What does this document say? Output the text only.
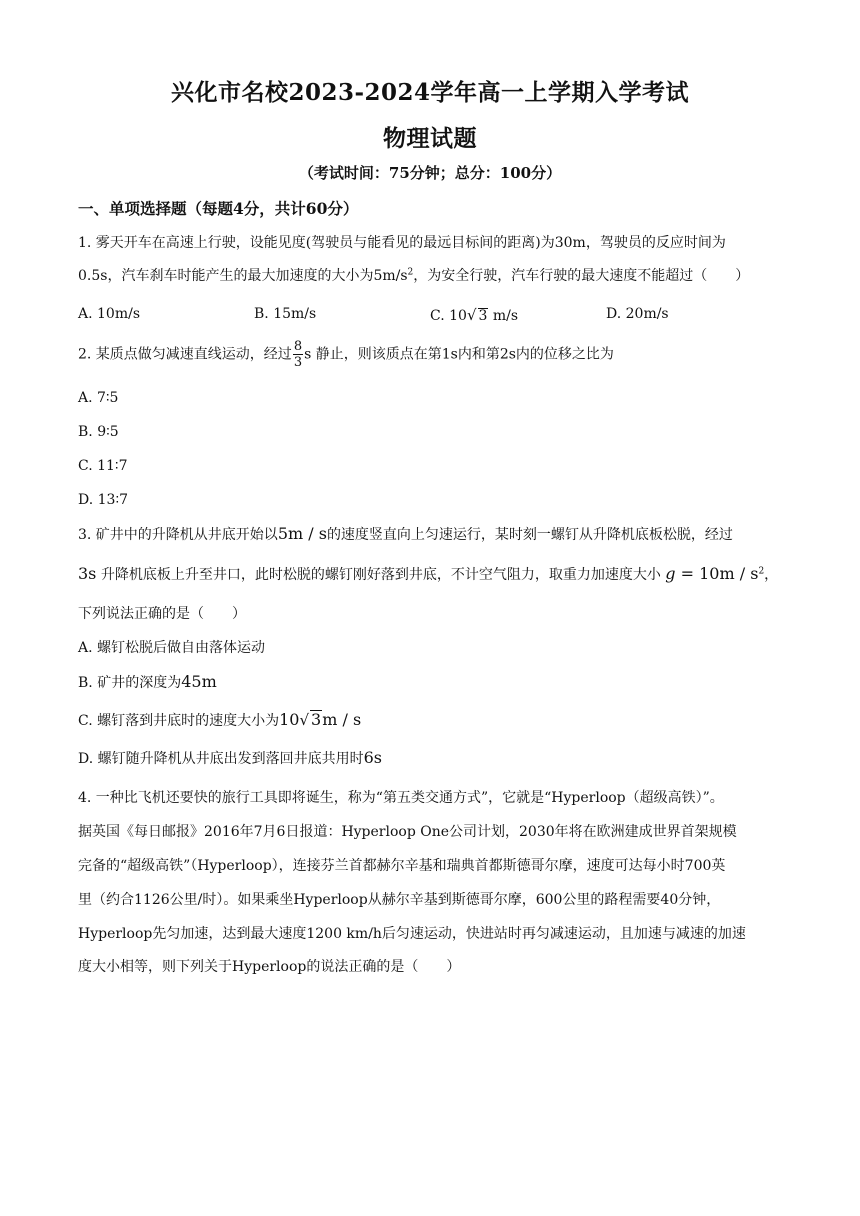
兴化市名校2023-2024学年高一上学期入学考试
物理试题
（考试时间：75分钟；总分：100分）
一、单项选择题（每题4分，共计60分）
1. 雾天开车在高速上行驶，设能见度(驾驶员与能看见的最远目标间的距离)为30m，驾驶员的反应时间为
0.5s，汽车刹车时能产生的最大加速度的大小为$5m/s^2$，为安全行驶，汽车行驶的最大速度不能超过（　　）
A. 10m/s	B. 15m/s	C. 10√ 3 m/s	D. 20m/s
2. 某质点做匀减速直线运动，经过 $\frac{8}{3}$ s 静止，则该质点在第1s内和第2s内的位移之比为
A. 7∶5
B. 9∶5
C. 11∶7
D. 13∶7
3. 矿井中的升降机从井底开始以5m / s的速度竖直向上匀速运行，某时刻一螺钉从升降机底板松脱，经过
3s 升降机底板上升至井口，此时松脱的螺钉刚好落到井底，不计空气阻力，取重力加速度大小 $g = 10m / s^2$，
下列说法正确的是（　　）
A. 螺钉松脱后做自由落体运动
B. 矿井的深度为45m
C. 螺钉落到井底时的速度大小为10√ 3m / s
D. 螺钉随升降机从井底出发到落回井底共用时6s
4. 一种比飞机还要快的旅行工具即将诞生，称为“第五类交通方式”，它就是“Hyperloop（超级高铁）”。
据英国《每日邮报》2016年7月6日报道：Hyperloop One公司计划，2030年将在欧洲建成世界首架规模
完备的“超级高铁”（Hyperloop），连接芬兰首都赫尔辛基和瑞典首都斯德哥尔摩，速度可达每小时700英
里（约合1126公里/时）。如果乘坐Hyperloop从赫尔辛基到斯德哥尔摩，600公里的路程需要40分钟，
Hyperloop先匀加速，达到最大速度1200 km/h后匀速运动，快进站时再匀减速运动，且加速与减速的加速
度大小相等，则下列关于Hyperloop的说法正确的是（　　）
